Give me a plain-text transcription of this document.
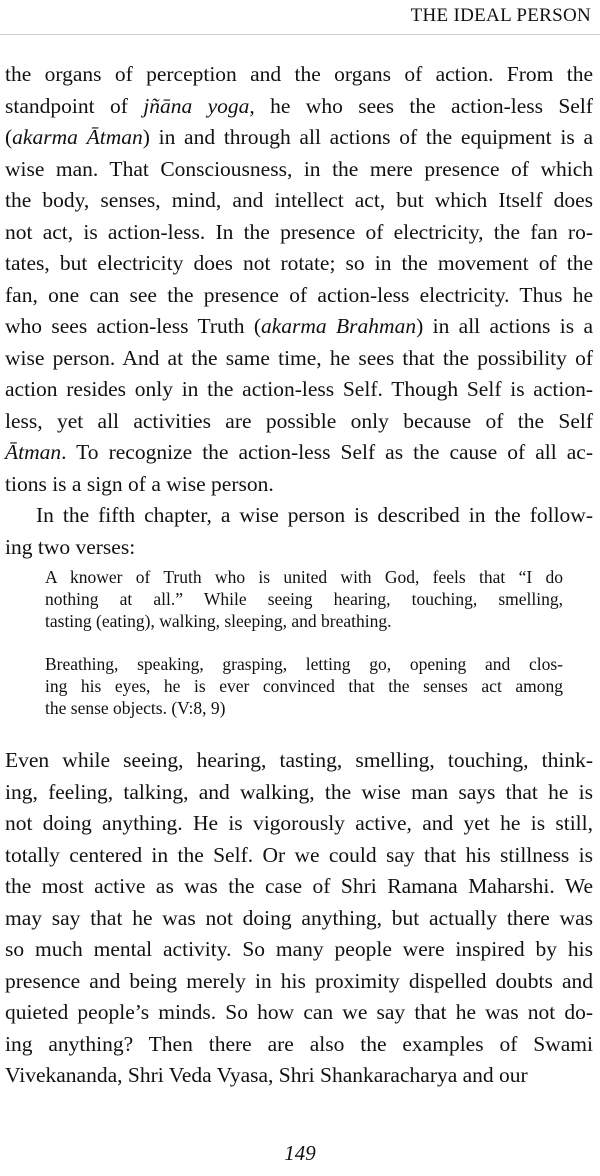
THE IDEAL PERSON
the organs of perception and the organs of action. From the
standpoint of jñāna yoga, he who sees the action-less Self
(akarma Ātman) in and through all actions of the equipment is a
wise man. That Consciousness, in the mere presence of which
the body, senses, mind, and intellect act, but which Itself does
not act, is action-less. In the presence of electricity, the fan ro-
tates, but electricity does not rotate; so in the movement of the
fan, one can see the presence of action-less electricity. Thus he
who sees action-less Truth (akarma Brahman) in all actions is a
wise person. And at the same time, he sees that the possibility of
action resides only in the action-less Self. Though Self is action-
less, yet all activities are possible only because of the Self
Ātman. To recognize the action-less Self as the cause of all ac-
tions is a sign of a wise person.
In the fifth chapter, a wise person is described in the follow-
ing two verses:
A knower of Truth who is united with God, feels that “I do
nothing at all.” While seeing hearing, touching, smelling,
tasting (eating), walking, sleeping, and breathing.
Breathing, speaking, grasping, letting go, opening and clos-
ing his eyes, he is ever convinced that the senses act among
the sense objects. (V:8, 9)
Even while seeing, hearing, tasting, smelling, touching, think-
ing, feeling, talking, and walking, the wise man says that he is
not doing anything. He is vigorously active, and yet he is still,
totally centered in the Self. Or we could say that his stillness is
the most active as was the case of Shri Ramana Maharshi. We
may say that he was not doing anything, but actually there was
so much mental activity. So many people were inspired by his
presence and being merely in his proximity dispelled doubts and
quieted people’s minds. So how can we say that he was not do-
ing anything? Then there are also the examples of Swami
Vivekananda, Shri Veda Vyasa, Shri Shankaracharya and our
149
